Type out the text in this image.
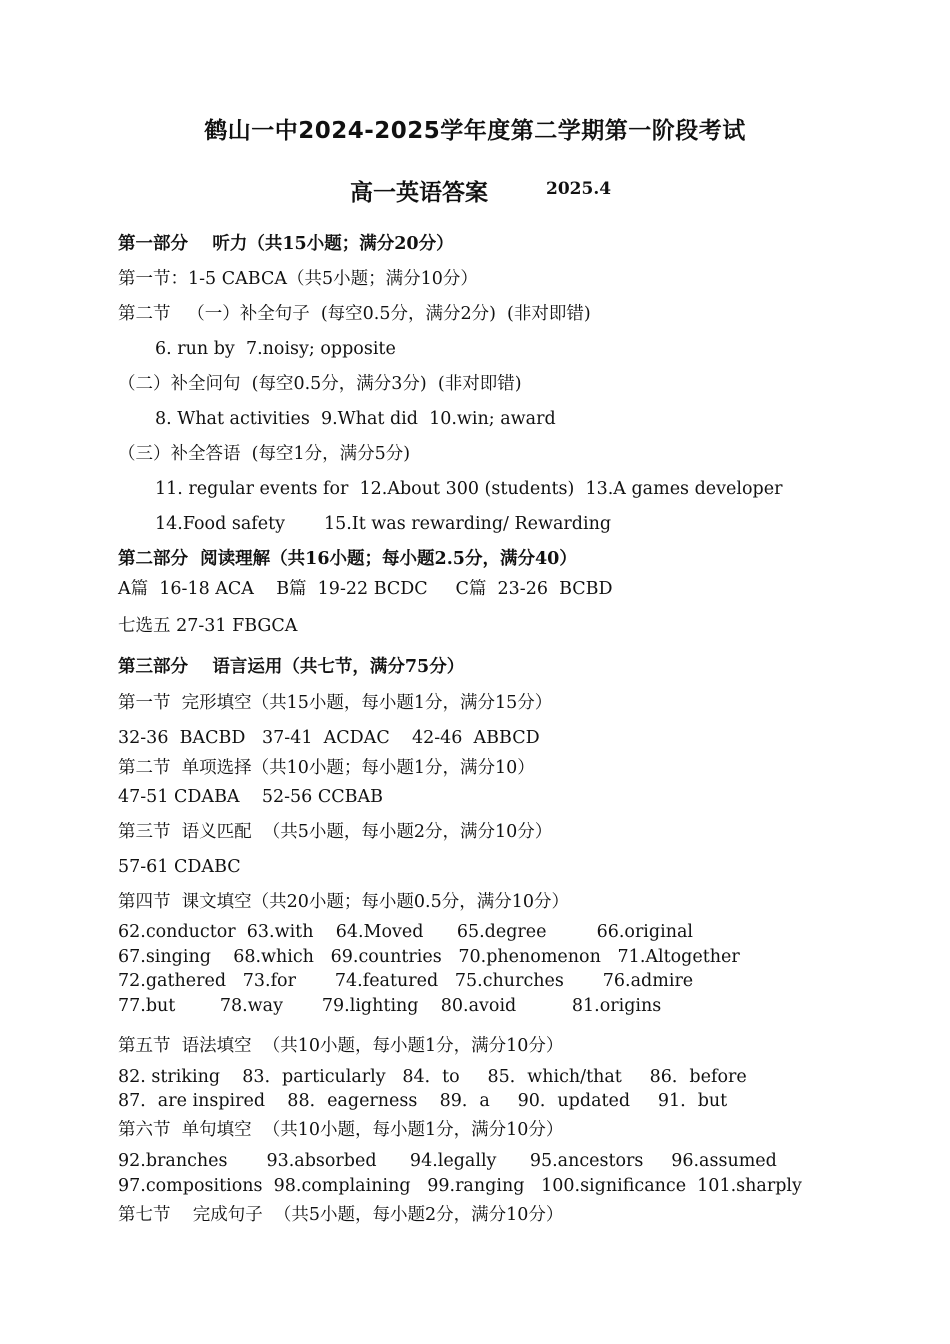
鹤山一中2024-2025学年度第二学期第一阶段考试
高一英语答案	2025.4
第一部分    听力（共15小题；满分20分）
第一节：1-5 CABCA（共5小题；满分10分）
第二节   （一）补全句子  (每空0.5分，满分2分)  (非对即错)
6. run by  7.noisy; opposite
（二）补全问句  (每空0.5分，满分3分)  (非对即错)
8. What activities  9.What did  10.win; award
（三）补全答语  (每空1分，满分5分)
11. regular events for  12.About 300 (students)  13.A games developer
14.Food safety       15.It was rewarding/ Rewarding
第二部分  阅读理解（共16小题；每小题2.5分，满分40）
A篇  16-18 ACA    B篇  19-22 BCDC     C篇  23-26  BCBD
七选五 27-31 FBGCA
第三部分    语言运用（共七节，满分75分）
第一节  完形填空（共15小题，每小题1分，满分15分）
32-36  BACBD   37-41  ACDAC    42-46  ABBCD
第二节  单项选择（共10小题；每小题1分，满分10）
47-51 CDABA    52-56 CCBAB
第三节  语义匹配  （共5小题，每小题2分，满分10分）
57-61 CDABC
第四节  课文填空（共20小题；每小题0.5分，满分10分）
62.conductor  63.with    64.Moved      65.degree         66.original
67.singing    68.which   69.countries   70.phenomenon   71.Altogether
72.gathered   73.for       74.featured   75.churches       76.admire
77.but        78.way       79.lighting    80.avoid          81.origins
第五节  语法填空  （共10小题，每小题1分，满分10分）
82. striking    83．particularly   84．to     85．which/that     86．before
87．are inspired    88．eagerness    89．a     90．updated     91．but
第六节  单句填空  （共10小题，每小题1分，满分10分）
92.branches       93.absorbed      94.legally      95.ancestors     96.assumed
97.compositions  98.complaining   99.ranging   100.significance  101.sharply
第七节    完成句子  （共5小题，每小题2分，满分10分）
